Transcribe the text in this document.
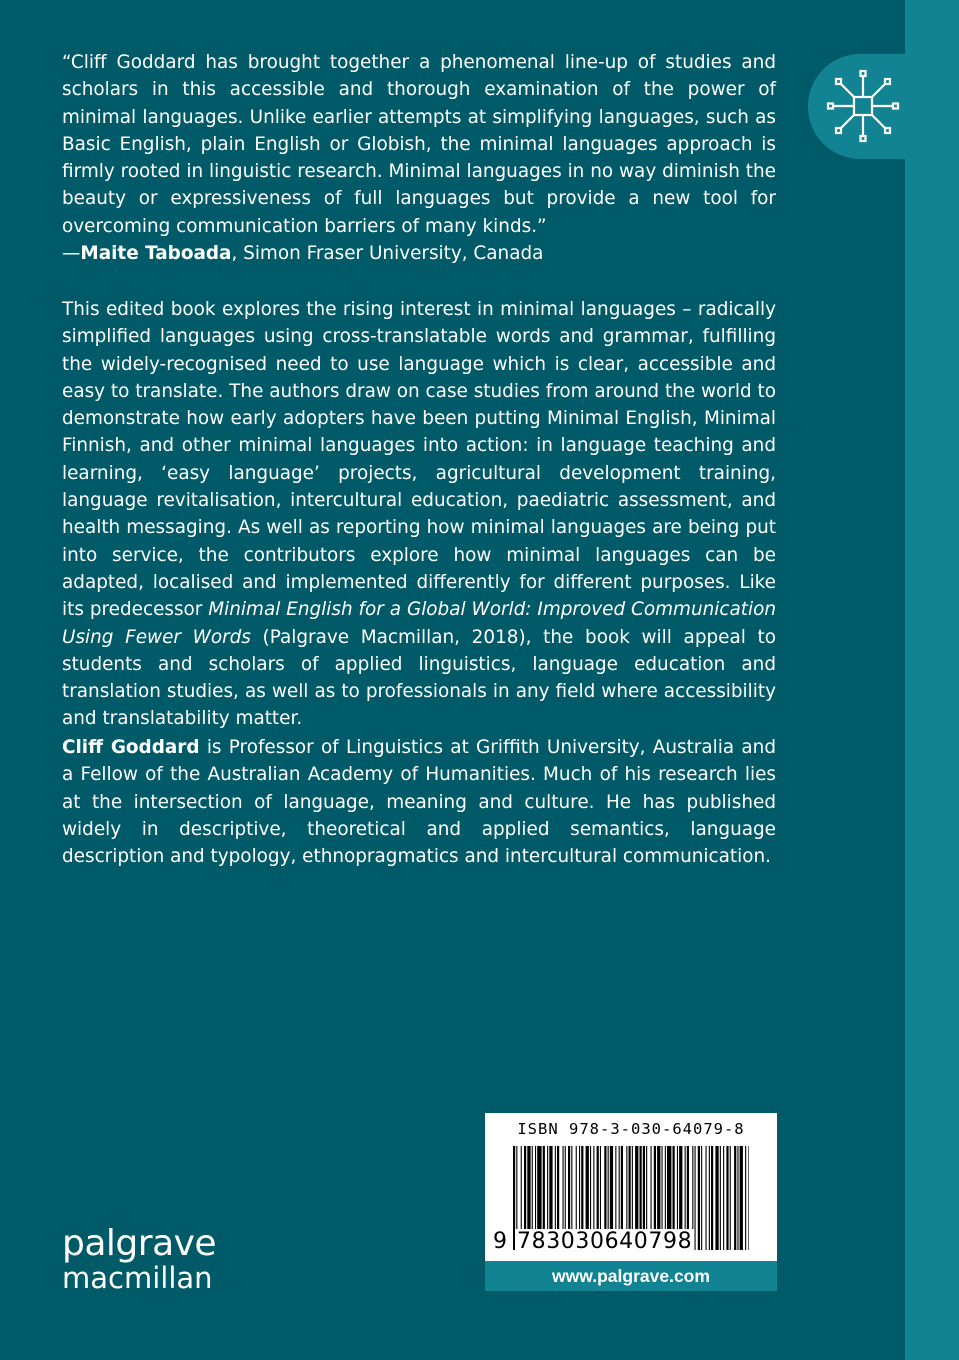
“Cliff Goddard has brought together a phenomenal line-up of studies and scholars in this accessible and thorough examination of the power of minimal languages. Unlike earlier attempts at simplifying languages, such as Basic English, plain English or Globish, the minimal languages approach is firmly rooted in linguistic research. Minimal languages in no way diminish the beauty or expressiveness of full languages but provide a new tool for overcoming communication barriers of many kinds.”

—Maite Taboada, Simon Fraser University, Canada

This edited book explores the rising interest in minimal languages – radically simplified languages using cross-translatable words and grammar, fulfilling the widely-recognised need to use language which is clear, accessible and easy to translate. The authors draw on case studies from around the world to demonstrate how early adopters have been putting Minimal English, Minimal Finnish, and other minimal languages into action: in language teaching and learning, ‘easy language’ projects, agricultural development training, language revitalisation, intercultural education, paediatric assessment, and health messaging. As well as reporting how minimal languages are being put into service, the contributors explore how minimal languages can be adapted, localised and implemented differently for different purposes. Like its predecessor Minimal English for a Global World: Improved Communication Using Fewer Words (Palgrave Macmillan, 2018), the book will appeal to students and scholars of applied linguistics, language education and translation studies, as well as to professionals in any field where accessibility and translatability matter.

Cliff Goddard is Professor of Linguistics at Griffith University, Australia and a Fellow of the Australian Academy of Humanities. Much of his research lies at the intersection of language, meaning and culture. He has published widely in descriptive, theoretical and applied semantics, language description and typology, ethnopragmatics and intercultural communication.

ISBN 978-3-030-64079-8
9 783030640798
www.palgrave.com
palgrave
macmillan
